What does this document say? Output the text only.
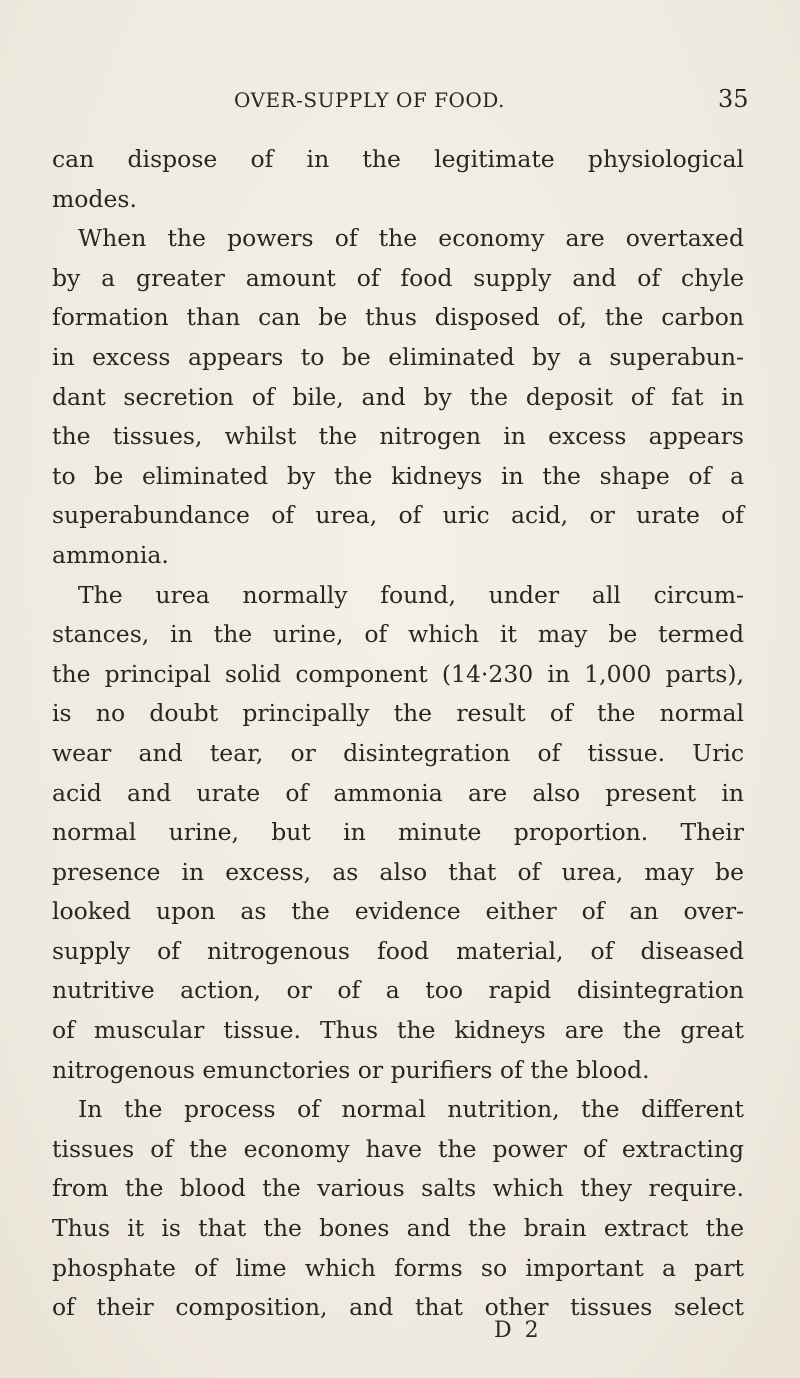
OVER-SUPPLY OF FOOD.	35
can dispose of in the legitimate physiological
modes.
When the powers of the economy are overtaxed
by a greater amount of food supply and of chyle
formation than can be thus disposed of, the carbon
in excess appears to be eliminated by a superabun-
dant secretion of bile, and by the deposit of fat in
the tissues, whilst the nitrogen in excess appears
to be eliminated by the kidneys in the shape of a
superabundance of urea, of uric acid, or urate of
ammonia.
The urea normally found, under all circum-
stances, in the urine, of which it may be termed
the principal solid component (14·230 in 1,000 parts),
is no doubt principally the result of the normal
wear and tear, or disintegration of tissue. Uric
acid and urate of ammonia are also present in
normal urine, but in minute proportion. Their
presence in excess, as also that of urea, may be
looked upon as the evidence either of an over-
supply of nitrogenous food material, of diseased
nutritive action, or of a too rapid disintegration
of muscular tissue. Thus the kidneys are the great
nitrogenous emunctories or purifiers of the blood.
In the process of normal nutrition, the different
tissues of the economy have the power of extracting
from the blood the various salts which they require.
Thus it is that the bones and the brain extract the
phosphate of lime which forms so important a part
of their composition, and that other tissues select
D 2
